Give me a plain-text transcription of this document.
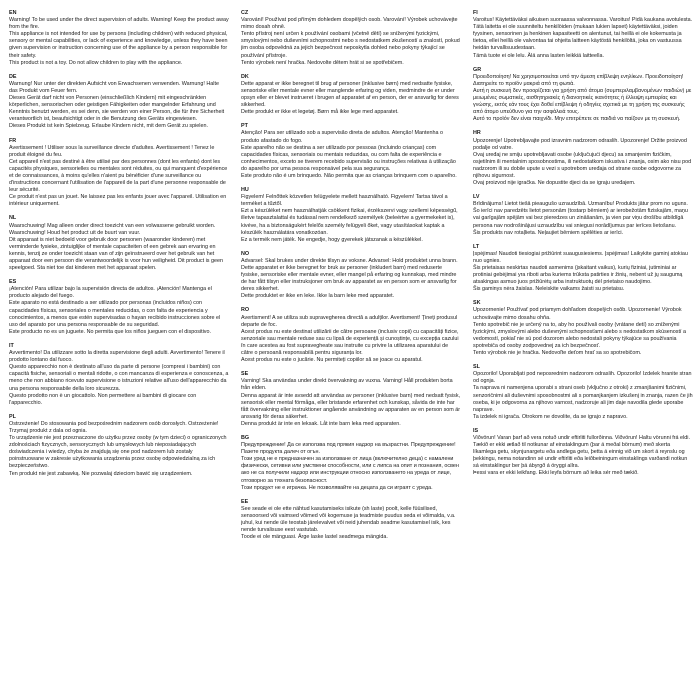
EN
Warning! To be used under the direct supervision of adults. Warning! Keep the product away from the fire.
This appliance is not intended for use by persons (including children) with reduced physical, sensory or mental capabilities, or lack of experience and knowledge, unless they have been given supervision or instruction concerning use of the appliance by a person responsible for their safety.
This product is not a toy. Do not allow children to play with the appliance.
DE
Warnung! Nur unter der direkten Aufsicht von Erwachsenen verwenden. Warnung! Halte das Produkt vom Feuer fern.
Dieses Gerät darf nicht von Personen (einschließlich Kindern) mit eingeschränkten körperlichen, sensorischen oder geistigen Fähigkeiten oder mangelnder Erfahrung und Kenntnis benutzt werden, es sei denn, sie werden von einer Person, die für ihre Sicherheit verantwortlich ist, beaufsichtigt oder in die Benutzung des Geräts eingewiesen.
Dieses Produkt ist kein Spielzeug. Erlaube Kindern nicht, mit dem Gerät zu spielen.
FR
Avertissement ! Utiliser sous la surveillance directe d'adultes. Avertissement ! Tenez le produit éloigné du feu.
Cet appareil n'est pas destiné à être utilisé par des personnes (dont les enfants) dont les capacités physiques, sensorielles ou mentales sont réduites, ou qui manquent d'expérience et de connaissances, à moins qu'elles n'aient pu bénéficier d'une surveillance ou d'instructions concernant l'utilisation de l'appareil de la part d'une personne responsable de leur sécurité.
Ce produit n'est pas un jouet. Ne laissez pas les enfants jouer avec l'appareil. Utilisation en intérieur uniquement.
NL
Waarschuwing! Mag alleen onder direct toezicht van een volwassene gebruikt worden. Waarschuwing! Houd het product uit de buurt van vuur.
Dit apparaat is niet bedoeld voor gebruik door personen (waaronder kinderen) met verminderde fysieke, zintuiglijke of mentale capaciteiten of een gebrek aan ervaring en kennis, tenzij ze onder toezicht staan van of zijn geïnstrueerd over het gebruik van het apparaat door een persoon die verantwoordelijk is voor hun veiligheid. Dit product is geen speelgoed. Sta niet toe dat kinderen met het apparaat spelen.
ES
¡Atención! Para utilizar bajo la supervisión directa de adultos. ¡Atención! Mantenga el producto alejado del fuego.
Este aparato no está destinado a ser utilizado por personas (incluidos niños) con capacidades físicas, sensoriales o mentales reducidas, o con falta de experiencia y conocimientos, a menos que estén supervisadas o hayan recibido instrucciones sobre el uso del aparato por una persona responsable de su seguridad.
Este producto no es un juguete. No permita que los niños jueguen con el dispositivo.
IT
Avvertimento! Da utilizzare sotto la diretta supervisione degli adulti. Avvertimento! Tenere il prodotto lontano dal fuoco.
Questo apparecchio non è destinato all'uso da parte di persone (compresi i bambini) con capacità fisiche, sensoriali o mentali ridotte, o con mancanza di esperienza e conoscenza, a meno che non abbiano ricevuto supervisione o istruzioni relative all'uso dell'apparecchio da una persona responsabile della loro sicurezza.
Questo prodotto non è un giocattolo. Non permettere ai bambini di giocare con l'apparecchio.
PL
Ostrzeżenie! Do stosowania pod bezpośrednim nadzorem osób dorosłych. Ostrzeżenie! Trzymaj produkt z dala od ognia.
To urządzenie nie jest przeznaczone do użytku przez osoby (w tym dzieci) o ograniczonych zdolnościach fizycznych, sensorycznych lub umysłowych lub nieposiadających doświadczenia i wiedzy, chyba że znajdują się one pod nadzorem lub zostały poinstruowane w zakresie użytkowania urządzenia przez osobę odpowiedzialną za ich bezpieczeństwo.
Ten produkt nie jest zabawką. Nie pozwalaj dzieciom bawić się urządzeniem.
CZ
Varování! Používat pod přímým dohledem dospělých osob. Varování! Výrobek uchovávejte mimo dosah ohně.
Tento přístroj není určen k používání osobami (včetně dětí) se sníženými fyzickými, smyslovými nebo duševními schopnostmi nebo s nedostatkem zkušeností a znalostí, pokud jim osoba odpovědná za jejich bezpečnost neposkytla dohled nebo pokyny týkající se používání přístroje.
Tento výrobek není hračka. Nedovolte dětem hrát si se spotřebičem.
DK
Dette apparat er ikke beregnet til brug af personer (inklusive børn) med nedsatte fysiske, sensoriske eller mentale evner eller manglende erfaring og viden, medmindre de er under opsyn eller er blevet instrueret i brugen af apparatet af en person, der er ansvarlig for deres sikkerhed.
Dette produkt er ikke et legetøj. Børn må ikke lege med apparatet.
PT
Atenção! Para ser utilizado sob a supervisão direta de adultos. Atenção! Mantenha o produto afastado do fogo.
Este aparelho não se destina a ser utilizado por pessoas (incluindo crianças) com capacidades físicas, sensoriais ou mentais reduzidas, ou com falta de experiência e conhecimentos, exceto se tiverem recebido supervisão ou instruções relativas à utilização do aparelho por uma pessoa responsável pela sua segurança.
Este produto não é um brinquedo. Não permita que as crianças brinquem com o aparelho.
HU
Figyelem! Felnőttek közvetlen felügyelete mellett használható. Figyelem! Tartsa távol a terméket a tűztől.
Ezt a készüléket nem használhatják csökkent fizikai, érzékszervi vagy szellemi képességű, illetve tapasztalattal és tudással nem rendelkező személyek (beleértve a gyermekeket is), kivéve, ha a biztonságukért felelős személy felügyeli őket, vagy utasításokat kaptak a készülék használatára vonatkozóan.
Ez a termék nem játék. Ne engedje, hogy gyerekek játszanak a készülékkel.
NO
Advarsel: Skal brukes under direkte tilsyn av voksne. Advarsel: Hold produktet unna brann.
Dette apparatet er ikke beregnet for bruk av personer (inkludert barn) med reduserte fysiske, sensoriske eller mentale evner, eller mangel på erfaring og kunnskap, med mindre de har fått tilsyn eller instruksjoner om bruk av apparatet av en person som er ansvarlig for deres sikkerhet.
Dette produktet er ikke en leke. Ikke la barn leke med apparatet.
RO
Avertisment! A se utiliza sub supravegherea directă a adulților. Avertisment! Țineți produsul departe de foc.
Acest produs nu este destinat utilizării de către persoane (inclusiv copii) cu capacități fizice, senzoriale sau mentale reduse sau cu lipsă de experiență și cunoștințe, cu excepția cazului în care acestea au fost supravegheate sau instruite cu privire la utilizarea aparatului de către o persoană responsabilă pentru siguranța lor.
Acest produs nu este o jucărie. Nu permiteți copiilor să se joace cu aparatul.
SE
Varning! Ska användas under direkt övervakning av vuxna. Varning! Håll produkten borta från elden.
Denna apparat är inte avsedd att användas av personer (inklusive barn) med nedsatt fysisk, sensorisk eller mental förmåga, eller bristande erfarenhet och kunskap, såvida de inte har fått övervakning eller instruktioner angående användning av apparaten av en person som är ansvarig för deras säkerhet.
Denna produkt är inte en leksak. Låt inte barn leka med apparaten.
BG
Предупреждение! Да се използва под прякия надзор на възрастни. Предупреждение! Пазете продукта далеч от огън.
Този уред не е предназначен за използване от лица (включително деца) с намалени физически, сетивни или умствени способности, или с липса на опит и познания, освен ако не са получили надзор или инструкции относно използването на уреда от лице, отговорно за тяхната безопасност.
Този продукт не е играчка. Не позволявайте на децата да си играят с уреда.
EE
See seade ei ole ette nähtud kasutamiseks isikute (sh laste) poolt, kelle füüsilised, sensoorsed või vaimsed võimed või kogemuse ja teadmiste puudus seda ei võimalda, v.a. juhul, kui nende üle teostab järelevalvet või neid juhendab seadme kasutamisel isik, kes nende turvalisuse eest vastutab.
Toode ei ole mänguasi. Ärge laske lastel seadmega mängida.
FI
Varoitus! Käytettäväksi aikuisen suoraassa valvonnassa. Varoitus! Pidä kaukana avotulesta.
Tätä laitetta ei ole suunniteltu henkilöiden (mukaan lukien lapset) käytettäväksi, joiden fyysinen, sensorinen ja henkinen kapasiteetti on alentunut, tai heillä ei ole kokemusta ja tietoa, ellei heillä ole valvontaa tai ohjeita laitteen käytöstä henkilöltä, joka on vastuussa heidän turvallisuudestaan.
Tämä tuote ei ole lelu. Älä anna lasten leikkiä laitteella.
GR
Προειδοποίηση! Να χρησιμοποιείται υπό την άμεση επίβλεψη ενηλίκων. Προειδοποίηση! Διατηρείτε το προϊόν μακριά από τη φωτιά.
Αυτή η συσκευή δεν προορίζεται για χρήση από άτομα (συμπεριλαμβανομένων παιδιών) με μειωμένες σωματικές, αισθητηριακές ή διανοητικές ικανότητες ή έλλειψη εμπειρίας και γνώσης, εκτός εάν τους έχει δοθεί επίβλεψη ή οδηγίες σχετικά με τη χρήση της συσκευής από άτομο υπεύθυνο για την ασφάλειά τους.
Αυτό το προϊόν δεν είναι παιχνίδι. Μην επιτρέπετε σε παιδιά να παίζουν με τη συσκευή.
HR
Upozorenje! Upotrebljavajte pod izravnim nadzorom odraslih. Upozorenje! Držite proizvod podalje od vatre.
Ovaj uređaj ne smiju upotrebljavati osobe (uključujući djecu) sa smanjenim fizičkim, osjetilnim ili mentalnim sposobnostima, ili nedostatkom iskustva i znanja, osim ako nisu pod nadzorom ili su dobile upute u vezi s upotrebom uređaja od strane osobe odgovorne za njihovu sigurnost.
Ovaj proizvod nije igračka. Ne dopustite djeci da se igraju uređajem.
LV
Brīdinājums! Lietot tiešā pieaugušo uzraudzībā. Uzmanību! Produkts jātur prom no uguns.
Šo ierīci nav paredzēts lietot personām (tostarp bērniem) ar ierobežotām fiziskajām, maņu vai garīgajām spējām vai bez pieredzes un zināšanām, ja vien par viņu drošību atbildīgā persona nav nodrošinājusi uzraudzību vai sniegusi norādījumus par ierīces lietošanu.
Šis produkts nav rotaļlieta. Neļaujiet bērniem spēlēties ar ierīci.
LT
Įspėjimas! Naudoti tiesiogiai prižiūrint suaugusiesiems. Įspėjimas! Laikykite gaminį atokiau nuo ugnies.
Šis prietaisas neskirtas naudoti asmenims (įskaitant vaikus), kurių fiziniai, jutiminiai ar protiniai gebėjimai yra riboti arba kuriems trūksta patirties ir žinių, nebent už jų saugumą atsakingas asmuo juos prižiūrėtų arba instruktuotų dėl prietaiso naudojimo.
Šis gaminys nėra žaislas. Neleiskite vaikams žaisti su prietaisu.
SK
Upozornenie! Používať pod priamym dohľadom dospelých osôb. Upozornenie! Výrobok uchovávajte mimo dosahu ohňa.
Tento spotrebič nie je určený na to, aby ho používali osoby (vrátane detí) so zníženými fyzickými, zmyslovými alebo duševnými schopnosťami alebo s nedostatkom skúseností a vedomostí, pokiaľ nie sú pod dozorom alebo nedostali pokyny týkajúce sa používania spotrebiča od osoby zodpovednej za ich bezpečnosť.
Tento výrobok nie je hračka. Nedovoľte deťom hrať sa so spotrebičom.
SL
Opozorilo! Uporabljati pod neposrednim nadzorom odraslih. Opozorilo! Izdelek hranite stran od ognja.
Ta naprava ni namenjena uporabi s strani oseb (vključno z otroki) z zmanjšanimi fizičnimi, senzoričnimi ali duševnimi sposobnostmi ali s pomanjkanjem izkušenj in znanja, razen če jih oseba, ki je odgovorna za njihovo varnost, nadzoruje ali jim daje navodila glede uporabe naprave.
Ta izdelek ni igrača. Otrokom ne dovolite, da se igrajo z napravo.
IS
Viðvörun! Varan þarf að vera notuð undir eftirliti fullorðinna. Viðvörun! Haltu vörunni frá eldi.
Tækið er ekki ætlað til notkunar af einstaklingum (þar á meðal börnum) með skerta líkamlega getu, skynjunargetu eða andlega getu, þetta á einnig við um skort á reynslu og þekkingu, nema notandinn sé undir eftirliti eða leiðbeiningum einstaklings varðandi notkun sá einstaklingur ber þá ábyrgð á öryggi allra.
Þessi vara er ekki leikfang. Ekki leyfa börnum að leika sér með tækið.
